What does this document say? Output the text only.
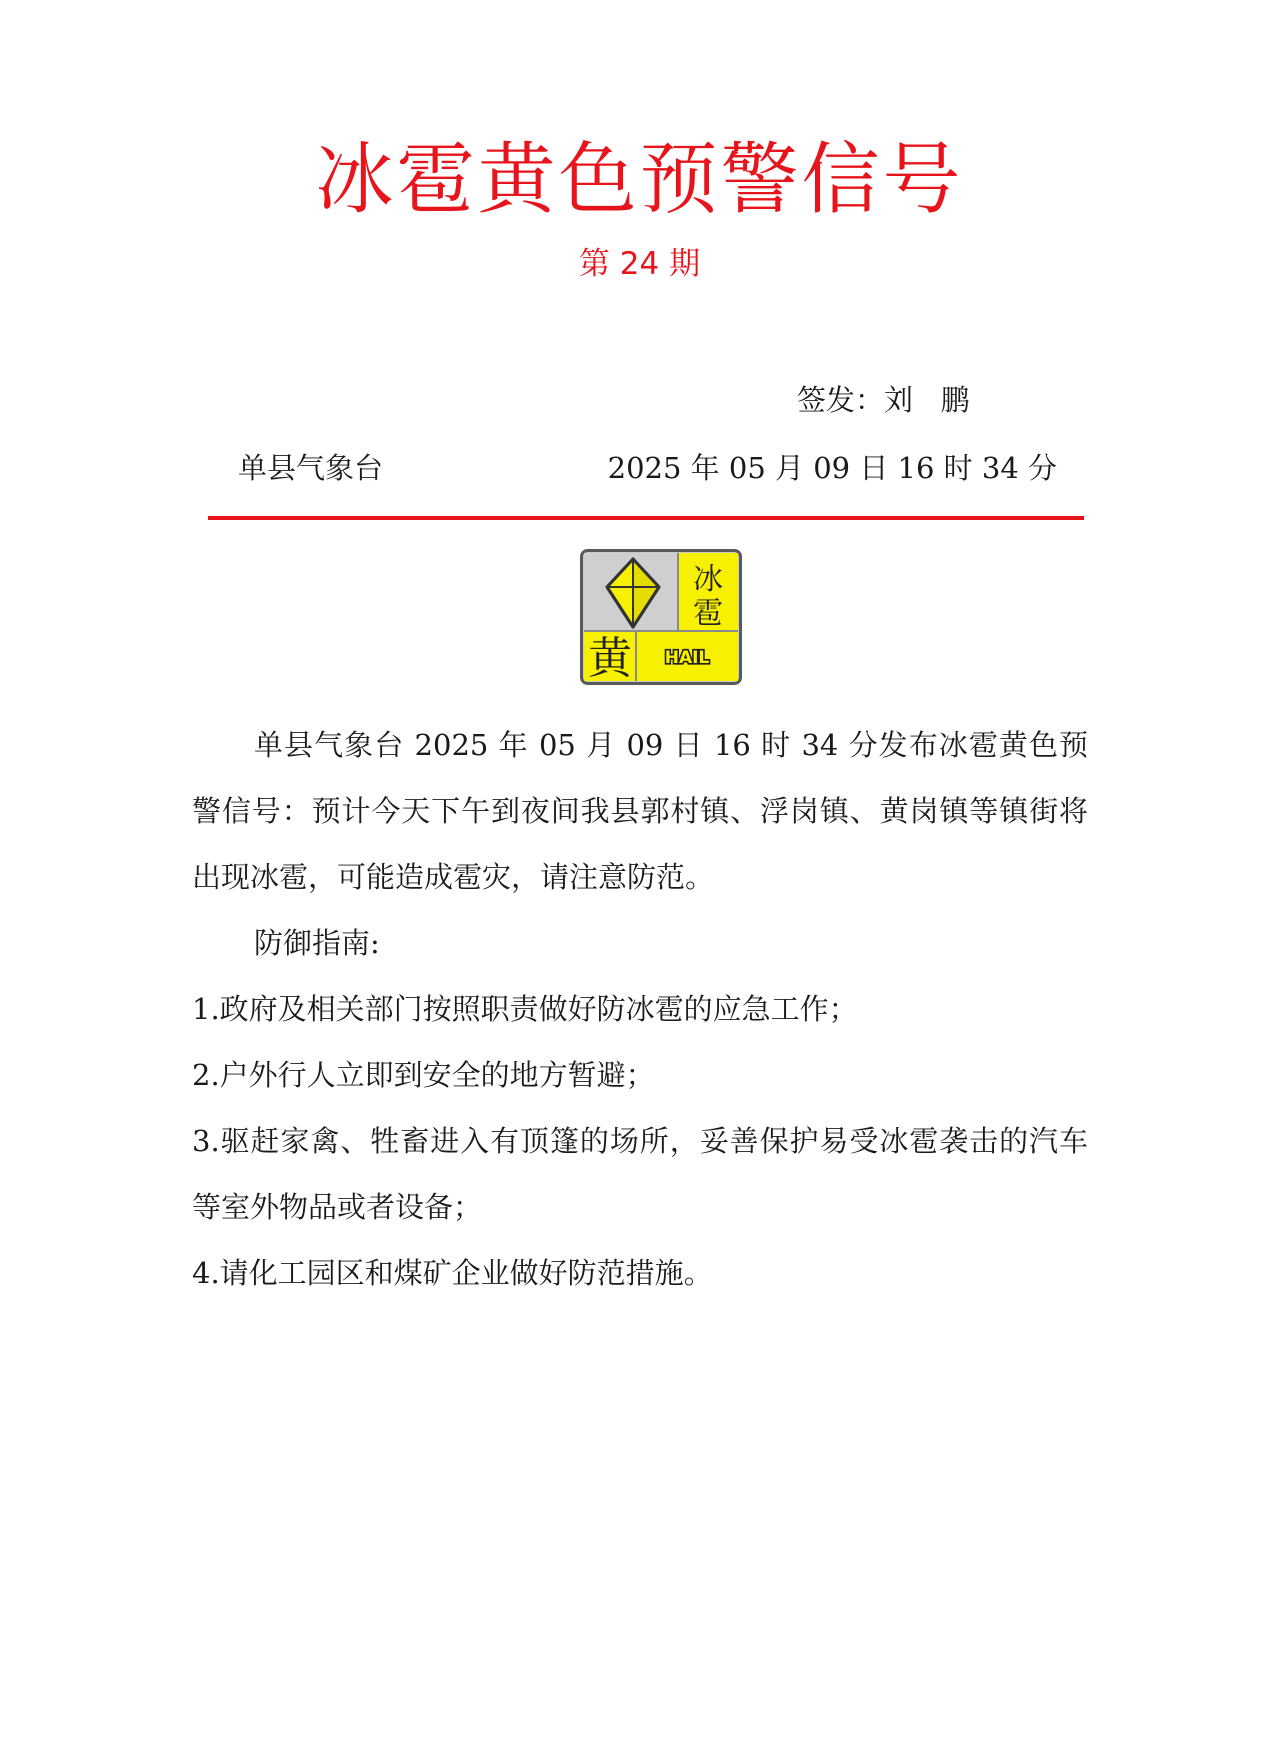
冰雹黄色预警信号
第 24 期
签发：刘   鹏
单县气象台	2025 年 05 月 09 日 16 时 34 分
冰
雹
黄 HAIL

单县气象台 2025 年 05 月 09 日 16 时 34 分发布冰雹黄色预警信号：预计今天下午到夜间我县郭村镇、浮岗镇、黄岗镇等镇街将出现冰雹，可能造成雹灾，请注意防范。

防御指南:

1.政府及相关部门按照职责做好防冰雹的应急工作；

2.户外行人立即到安全的地方暂避；

3.驱赶家禽、牲畜进入有顶篷的场所，妥善保护易受冰雹袭击的汽车等室外物品或者设备；

4.请化工园区和煤矿企业做好防范措施。
